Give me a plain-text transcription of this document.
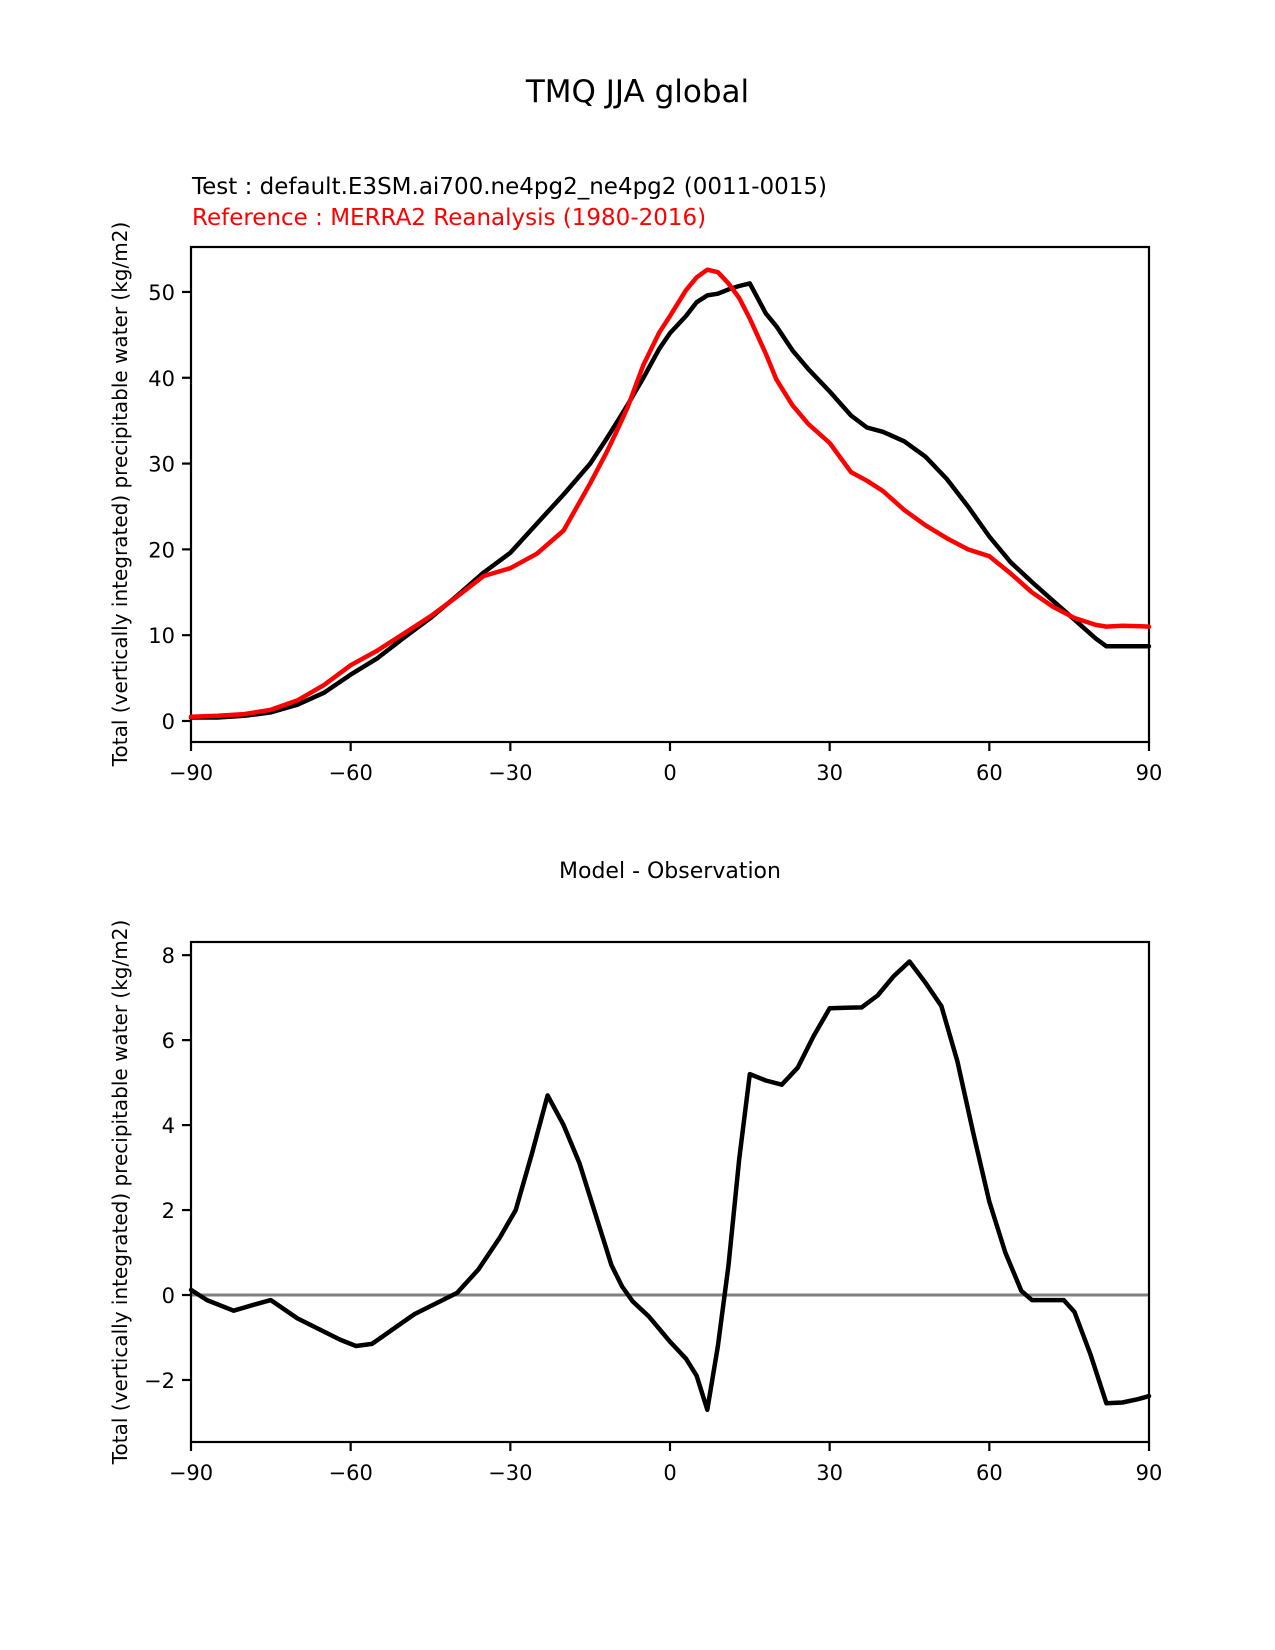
TMQ JJA global
Test : default.E3SM.ai700.ne4pg2_ne4pg2 (0011-0015)
Reference : MERRA2 Reanalysis (1980-2016)
Total (vertically integrated) precipitable water (kg/m2)
Model - Observation
Total (vertically integrated) precipitable water (kg/m2)
−90	−60	−30	0	30	60	90
0
10
20
30
40
50
−90	−60	−30	0	30	60	90
−2
0
2
4
6
8
